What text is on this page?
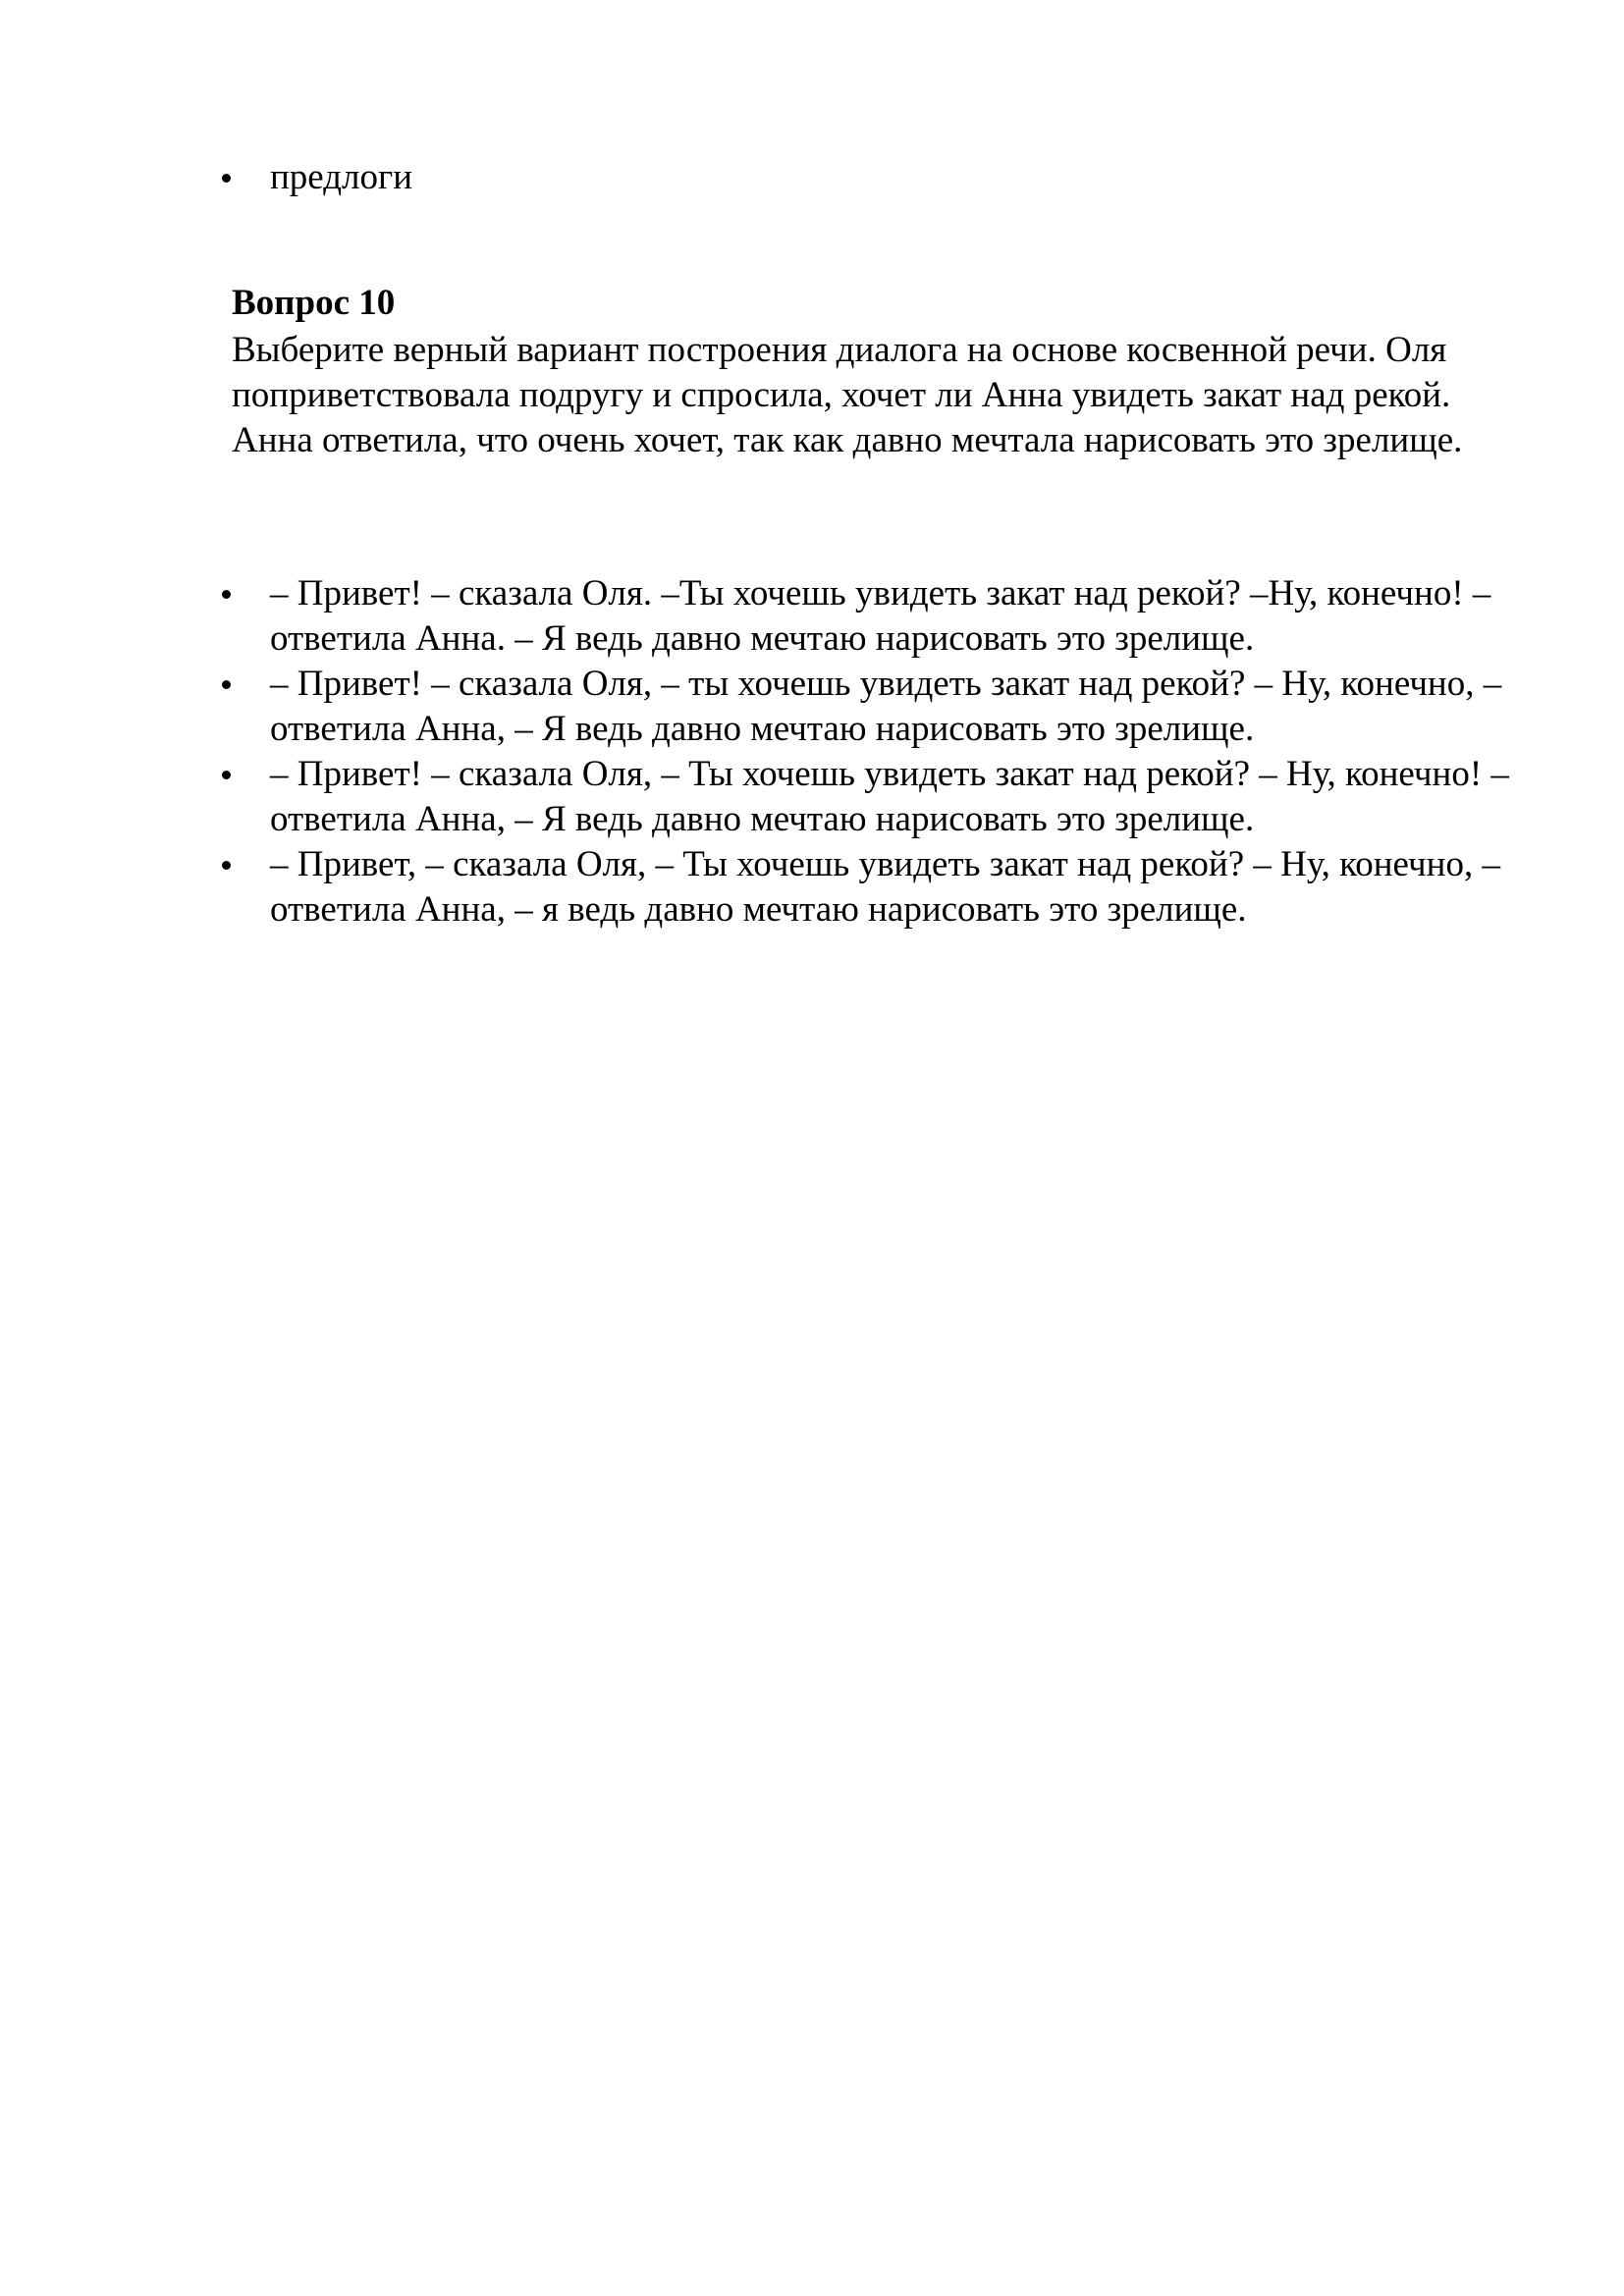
предлоги
Вопрос 10

Выберите верный вариант построения диалога на основе косвенной речи. Оля поприветствовала подругу и спросила, хочет ли Анна увидеть закат над рекой. Анна ответила, что очень хочет, так как давно мечтала нарисовать это зрелище.

– Привет! – сказала Оля. –Ты хочешь увидеть закат над рекой? –Ну, конечно! – ответила Анна. – Я ведь давно мечтаю нарисовать это зрелище.
– Привет! – сказала Оля, – ты хочешь увидеть закат над рекой? – Ну, конечно, – ответила Анна, – Я ведь давно мечтаю нарисовать это зрелище.
– Привет! – сказала Оля, – Ты хочешь увидеть закат над рекой? – Ну, конечно! – ответила Анна, – Я ведь давно мечтаю нарисовать это зрелище.
– Привет, – сказала Оля, – Ты хочешь увидеть закат над рекой? – Ну, конечно, – ответила Анна, – я ведь давно мечтаю нарисовать это зрелище.
